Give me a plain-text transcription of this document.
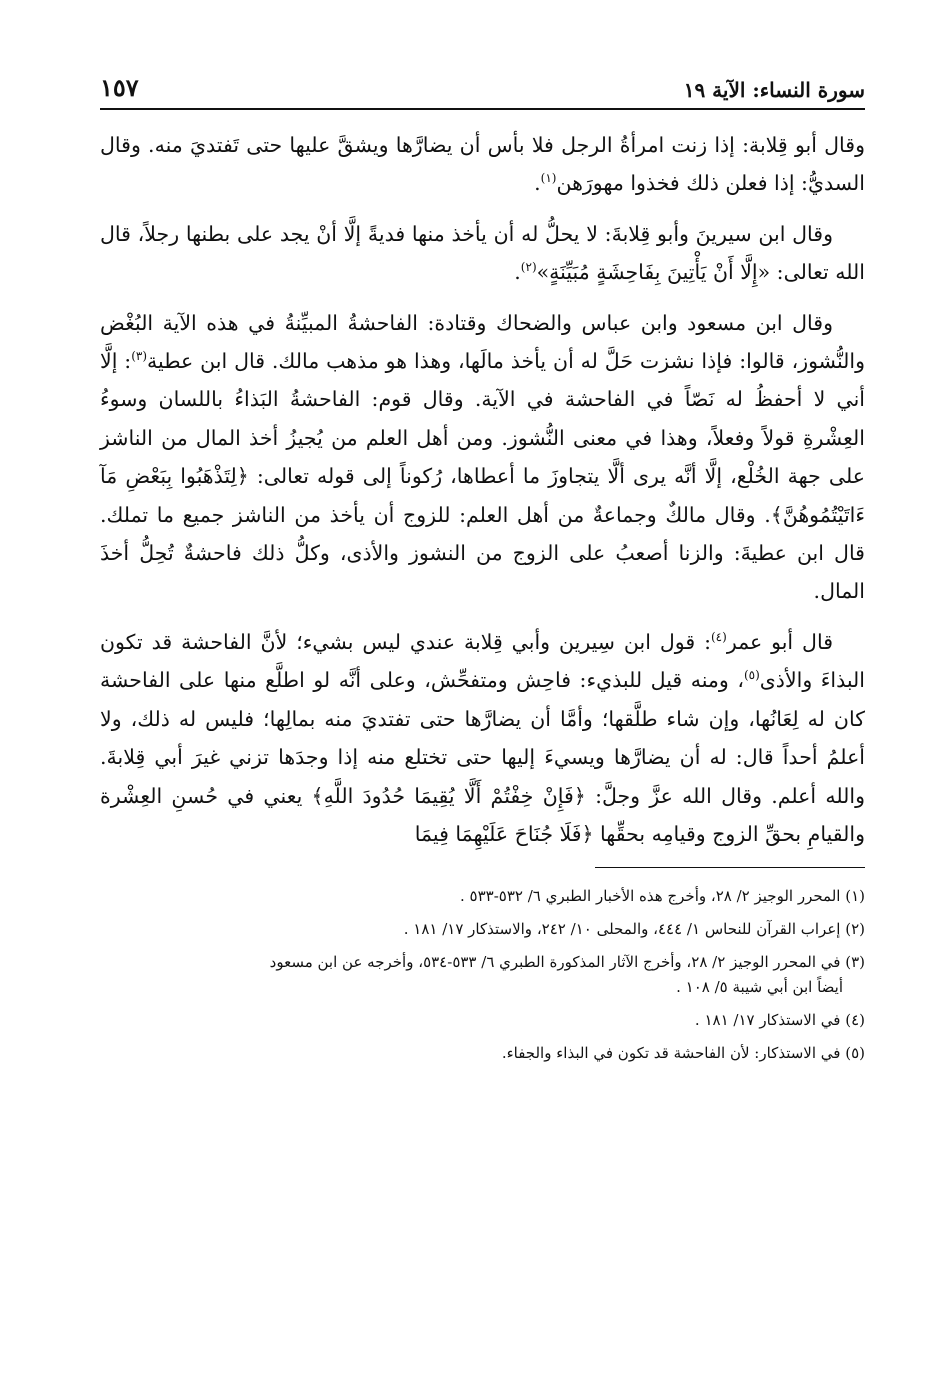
سورة النساء: الآية ١٩
١٥٧

وقال أبو قِلابة: إذا زنت امرأةُ الرجل فلا بأس أن يضارَّها ويشقَّ عليها حتى تَفتديَ منه. وقال السديُّ: إذا فعلن ذلك فخذوا مهورَهن$^{(١)}$.

وقال ابن سيرينَ وأبو قِلابةَ: لا يحلُّ له أن يأخذ منها فديةً إلَّا أنْ يجد على بطنها رجلاً، قال الله تعالى: «إِلَّا أَنْ يَأْتِينَ بِفَاحِشَةٍ مُبَيِّنَةٍ»$^{(٢)}$.

وقال ابن مسعود وابن عباس والضحاك وقتادة: الفاحشةُ المبيِّنةُ في هذه الآية البُغْض والنُّشوز، قالوا: فإذا نشزت حَلَّ له أن يأخذ مالَها، وهذا هو مذهب مالك. قال ابن عطية$^{(٣)}$: إلَّا أني لا أحفظُ له نَصّاً في الفاحشة في الآية. وقال قوم: الفاحشةُ البَذاءُ باللسان وسوءُ العِشْرةِ قولاً وفعلاً، وهذا في معنى النُّشوز. ومن أهل العلم من يُجيزُ أخذ المال من الناشز على جهة الخُلْع، إلَّا أنَّه يرى ألَّا يتجاوزَ ما أعطاها، رُكوناً إلى قوله تعالى: ﴿لِتَذْهَبُوا بِبَعْضِ مَآ ءَاتَيْتُمُوهُنَّ﴾. وقال مالكٌ وجماعةٌ من أهل العلم: للزوج أن يأخذ من الناشز جميع ما تملك. قال ابن عطيةَ: والزنا أصعبُ على الزوج من النشوز والأذى، وكلُّ ذلك فاحشةٌ تُحِلُّ أخذَ المال.

قال أبو عمر$^{(٤)}$: قول ابن سِيرين وأبي قِلابة عندي ليس بشيء؛ لأنَّ الفاحشة قد تكون البذاءَ والأذى$^{(٥)}$، ومنه قيل للبذيء: فاحِش ومتفحِّش، وعلى أنَّه لو اطلَّع منها على الفاحشة كان له لِعَانُها، وإن شاء طلَّقها؛ وأمَّا أن يضارَّها حتى تفتديَ منه بمالِها؛ فليس له ذلك، ولا أعلمُ أحداً قال: له أن يضارَّها ويسيءَ إليها حتى تختلع منه إذا وجدَها تزني غيرَ أبي قِلابةَ. والله أعلم. وقال الله عزَّ وجلَّ: ﴿فَإِنْ خِفْتُمْ أَلَّا يُقِيمَا حُدُودَ اللَّهِ﴾ يعني في حُسنِ العِشْرة والقيامِ بحقِّ الزوج وقيامِه بحقِّها ﴿فَلَا جُنَاحَ عَلَيْهِمَا فِيمَا

(١) المحرر الوجيز ٢/ ٢٨، وأخرج هذه الأخبار الطبري ٦/ ٥٣٢-٥٣٣ .

(٢) إعراب القرآن للنحاس ١/ ٤٤٤، والمحلى ١٠/ ٢٤٢، والاستذكار ١٧/ ١٨١ .

(٣) في المحرر الوجيز ٢/ ٢٨، وأخرج الآثار المذكورة الطبري ٦/ ٥٣٣-٥٣٤، وأخرجه عن ابن مسعود
أيضاً ابن أبي شيبة ٥/ ١٠٨ .

(٤) في الاستذكار ١٧/ ١٨١ .

(٥) في الاستذكار: لأن الفاحشة قد تكون في البذاء والجفاء.
